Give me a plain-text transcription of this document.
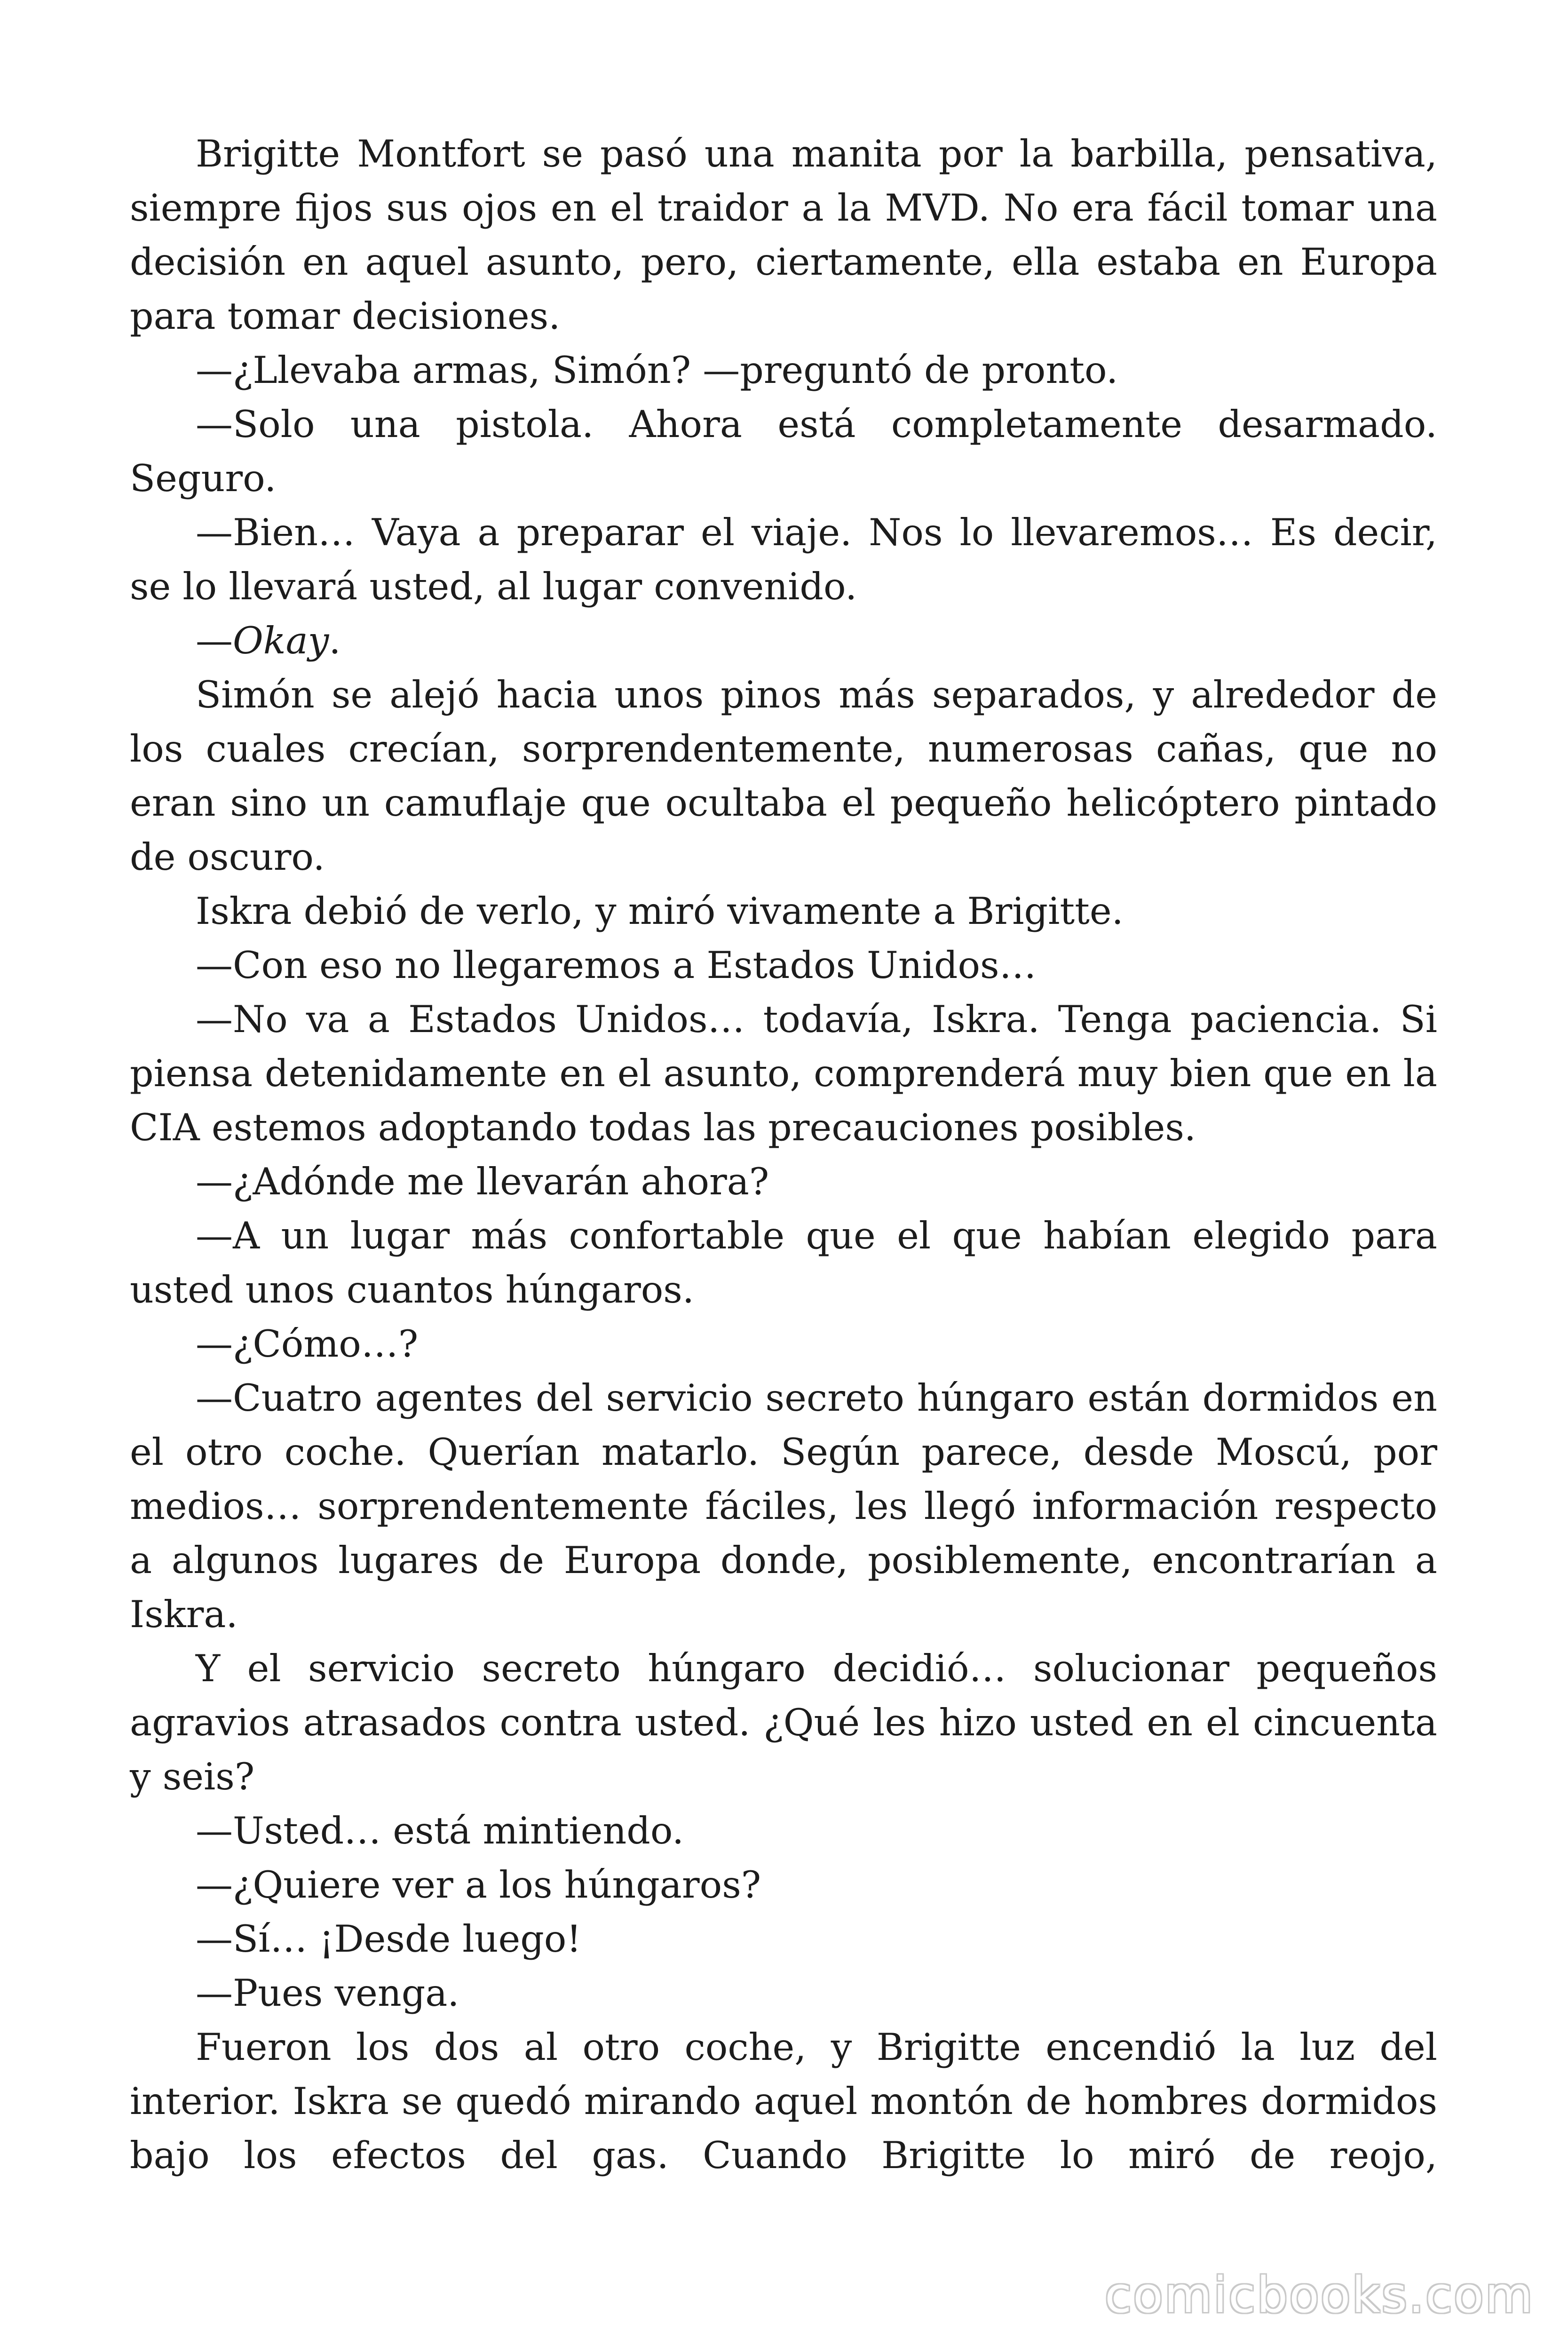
Brigitte Montfort se pasó una manita por la barbilla, pensativa, siempre fijos sus ojos en el traidor a la MVD. No era fácil tomar una decisión en aquel asunto, pero, ciertamente, ella estaba en Europa para tomar decisiones.

—¿Llevaba armas, Simón? —preguntó de pronto.

—Solo una pistola. Ahora está completamente desarmado. Seguro.

—Bien… Vaya a preparar el viaje. Nos lo llevaremos… Es decir, se lo llevará usted, al lugar convenido.

—Okay.

Simón se alejó hacia unos pinos más separados, y alrededor de los cuales crecían, sorprendentemente, numerosas cañas, que no eran sino un camuflaje que ocultaba el pequeño helicóptero pintado de oscuro.

Iskra debió de verlo, y miró vivamente a Brigitte.

—Con eso no llegaremos a Estados Unidos…

—No va a Estados Unidos… todavía, Iskra. Tenga paciencia. Si piensa detenidamente en el asunto, comprenderá muy bien que en la CIA estemos adoptando todas las precauciones posibles.

—¿Adónde me llevarán ahora?

—A un lugar más confortable que el que habían elegido para usted unos cuantos húngaros.

—¿Cómo…?

—Cuatro agentes del servicio secreto húngaro están dormidos en el otro coche. Querían matarlo. Según parece, desde Moscú, por medios… sorprendentemente fáciles, les llegó información respecto a algunos lugares de Europa donde, posiblemente, encontrarían a Iskra.

Y el servicio secreto húngaro decidió… solucionar pequeños agravios atrasados contra usted. ¿Qué les hizo usted en el cincuenta y seis?

—Usted… está mintiendo.

—¿Quiere ver a los húngaros?

—Sí… ¡Desde luego!

—Pues venga.

Fueron los dos al otro coche, y Brigitte encendió la luz del interior. Iskra se quedó mirando aquel montón de hombres dormidos bajo los efectos del gas. Cuando Brigitte lo miró de reojo,

comicbooks.com
